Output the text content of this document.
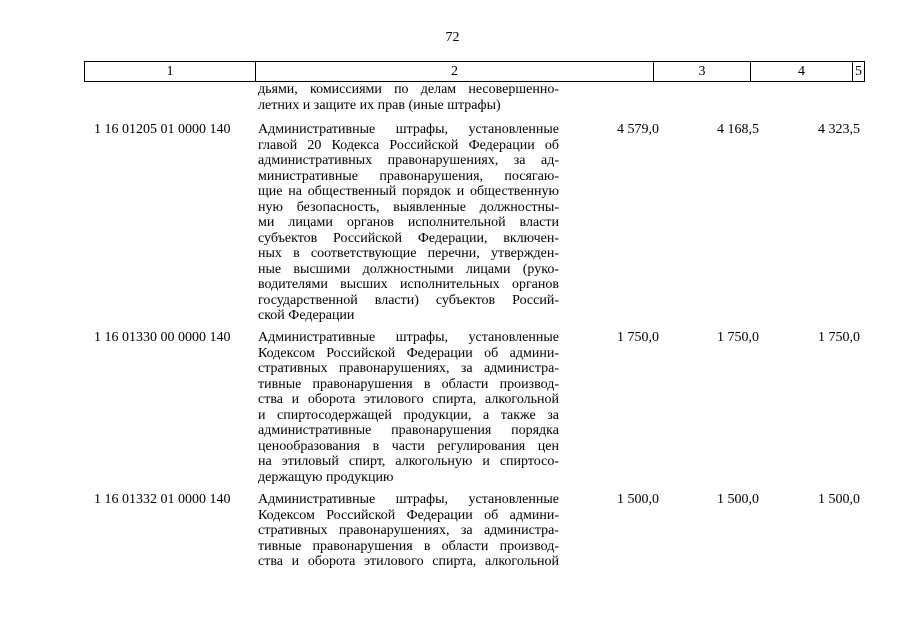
72
1	2	3	4	5
дьями, комиссиями по делам несовершенно-
летних и защите их прав (иные штрафы)
1 16 01205 01 0000 140 Административные штрафы, установленные
главой 20 Кодекса Российской Федерации об
административных правонарушениях, за ад-
министративные правонарушения, посягаю-
щие на общественный порядок и общественную
ную безопасность, выявленные должностны-
ми лицами органов исполнительной власти
субъектов Российской Федерации, включен-
ных в соответствующие перечни, утвержден-
ные высшими должностными лицами (руко-
водителями высших исполнительных органов
государственной власти) субъектов Россий-
ской Федерации
4 579,0	4 168,5	4 323,5
1 16 01330 00 0000 140 Административные штрафы, установленные
Кодексом Российской Федерации об админи-
стративных правонарушениях, за администра-
тивные правонарушения в области производ-
ства и оборота этилового спирта, алкогольной
и спиртосодержащей продукции, а также за
административные правонарушения порядка
ценообразования в части регулирования цен
на этиловый спирт, алкогольную и спиртосо-
держащую продукцию
1 750,0	1 750,0	1 750,0
1 16 01332 01 0000 140 Административные штрафы, установленные
Кодексом Российской Федерации об админи-
стративных правонарушениях, за администра-
тивные правонарушения в области производ-
ства и оборота этилового спирта, алкогольной
1 500,0	1 500,0	1 500,0
